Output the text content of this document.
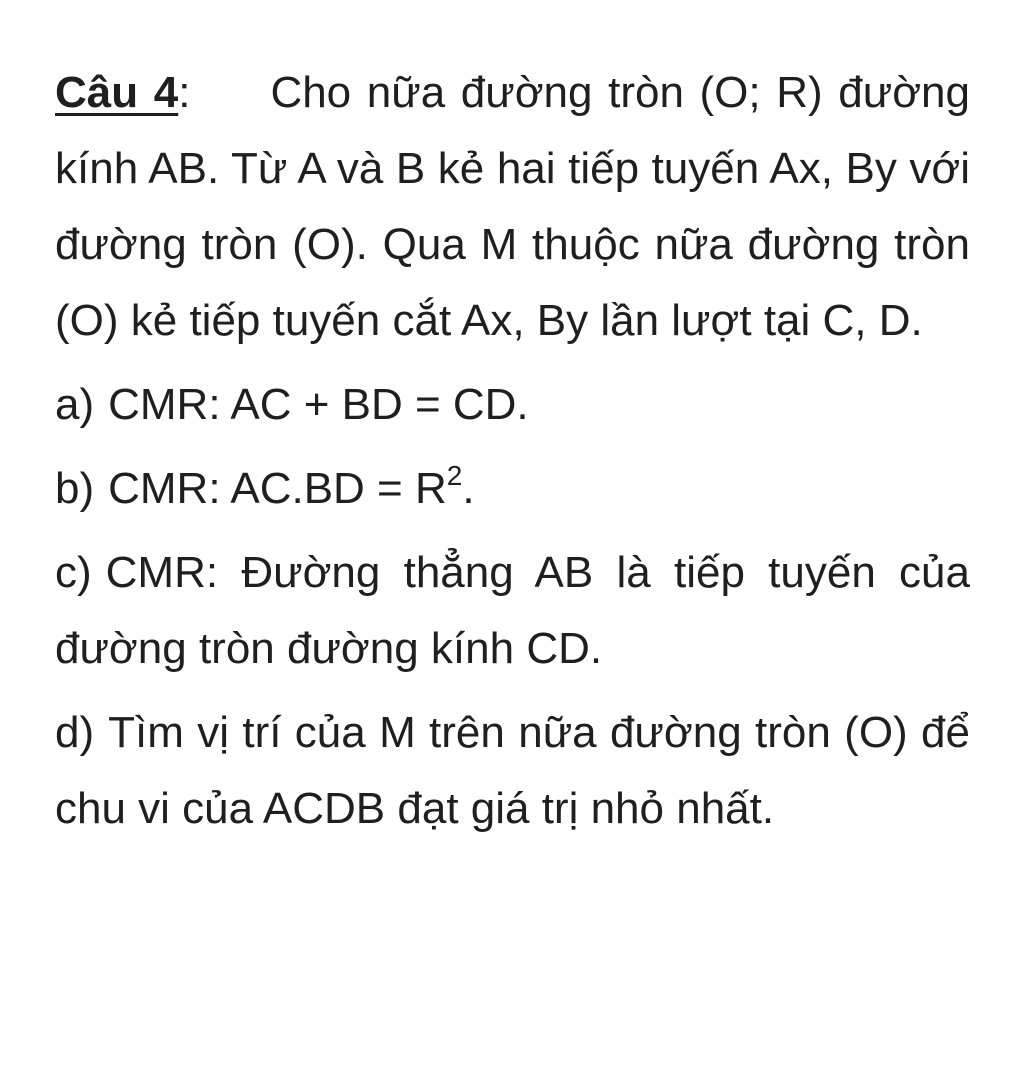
Câu 4: Cho nữa đường tròn (O; R) đường kính AB. Từ A và B kẻ hai tiếp tuyến Ax, By với đường tròn (O). Qua M thuộc nữa đường tròn (O) kẻ tiếp tuyến cắt Ax, By lần lượt tại C, D.

a) CMR: AC + BD = CD.

b) CMR: $AC.BD = R^2$.

c) CMR: Đường thẳng AB là tiếp tuyến của đường tròn đường kính CD.

d) Tìm vị trí của M trên nữa đường tròn (O) để chu vi của ACDB đạt giá trị nhỏ nhất.
